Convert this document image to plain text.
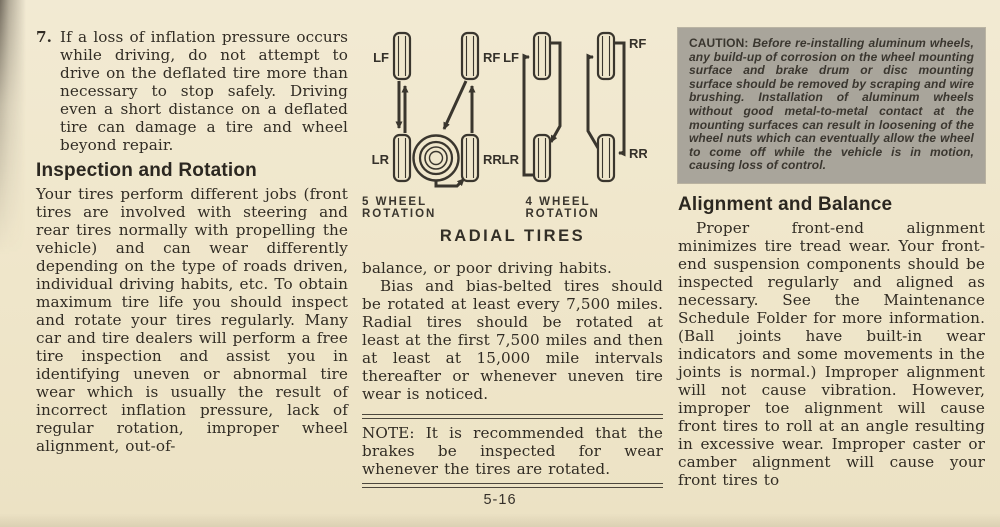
7. If a loss of inflation pressure occurs while driving, do not attempt to drive on the deflated tire more than necessary to stop safely. Driving even a short distance on a deflated tire can damage a tire and wheel beyond repair.
Inspection and Rotation
Your tires perform different jobs (front tires are involved with steering and rear tires normally with propelling the vehicle) and can wear differently depending on the type of roads driven, individual driving habits, etc. To obtain maximum tire life you should inspect and rotate your tires regularly. Many car and tire dealers will perform a free tire inspection and assist you in identifying uneven or abnormal tire wear which is usually the result of incorrect inflation pressure, lack of regular rotation, improper wheel alignment, out-of-
LF	RF
LR	RR
LF
RF
LR	RR
5 WHEEL ROTATION
4 WHEEL ROTATION
RADIAL TIRES
balance, or poor driving habits.
Bias and bias-belted tires should be rotated at least every 7,500 miles. Radial tires should be rotated at least at the first 7,500 miles and then at least at 15,000 mile intervals thereafter or whenever uneven tire wear is noticed.
NOTE: It is recommended that the brakes be inspected for wear whenever the tires are rotated.
CAUTION: Before re-installing aluminum wheels, any build-up of corrosion on the wheel mounting surface and brake drum or disc mounting surface should be removed by scraping and wire brushing. Installation of aluminum wheels without good metal-to-metal contact at the mounting surfaces can result in loosening of the wheel nuts which can eventually allow the wheel to come off while the vehicle is in motion, causing loss of control.
Alignment and Balance
Proper front-end alignment minimizes tire tread wear. Your front-end suspension components should be inspected regularly and aligned as necessary. See the Maintenance Schedule Folder for more information. (Ball joints have built-in wear indicators and some movements in the joints is normal.) Improper alignment will not cause vibration. However, improper toe alignment will cause front tires to roll at an angle resulting in excessive wear. Improper caster or camber alignment will cause your front tires to
5-16
